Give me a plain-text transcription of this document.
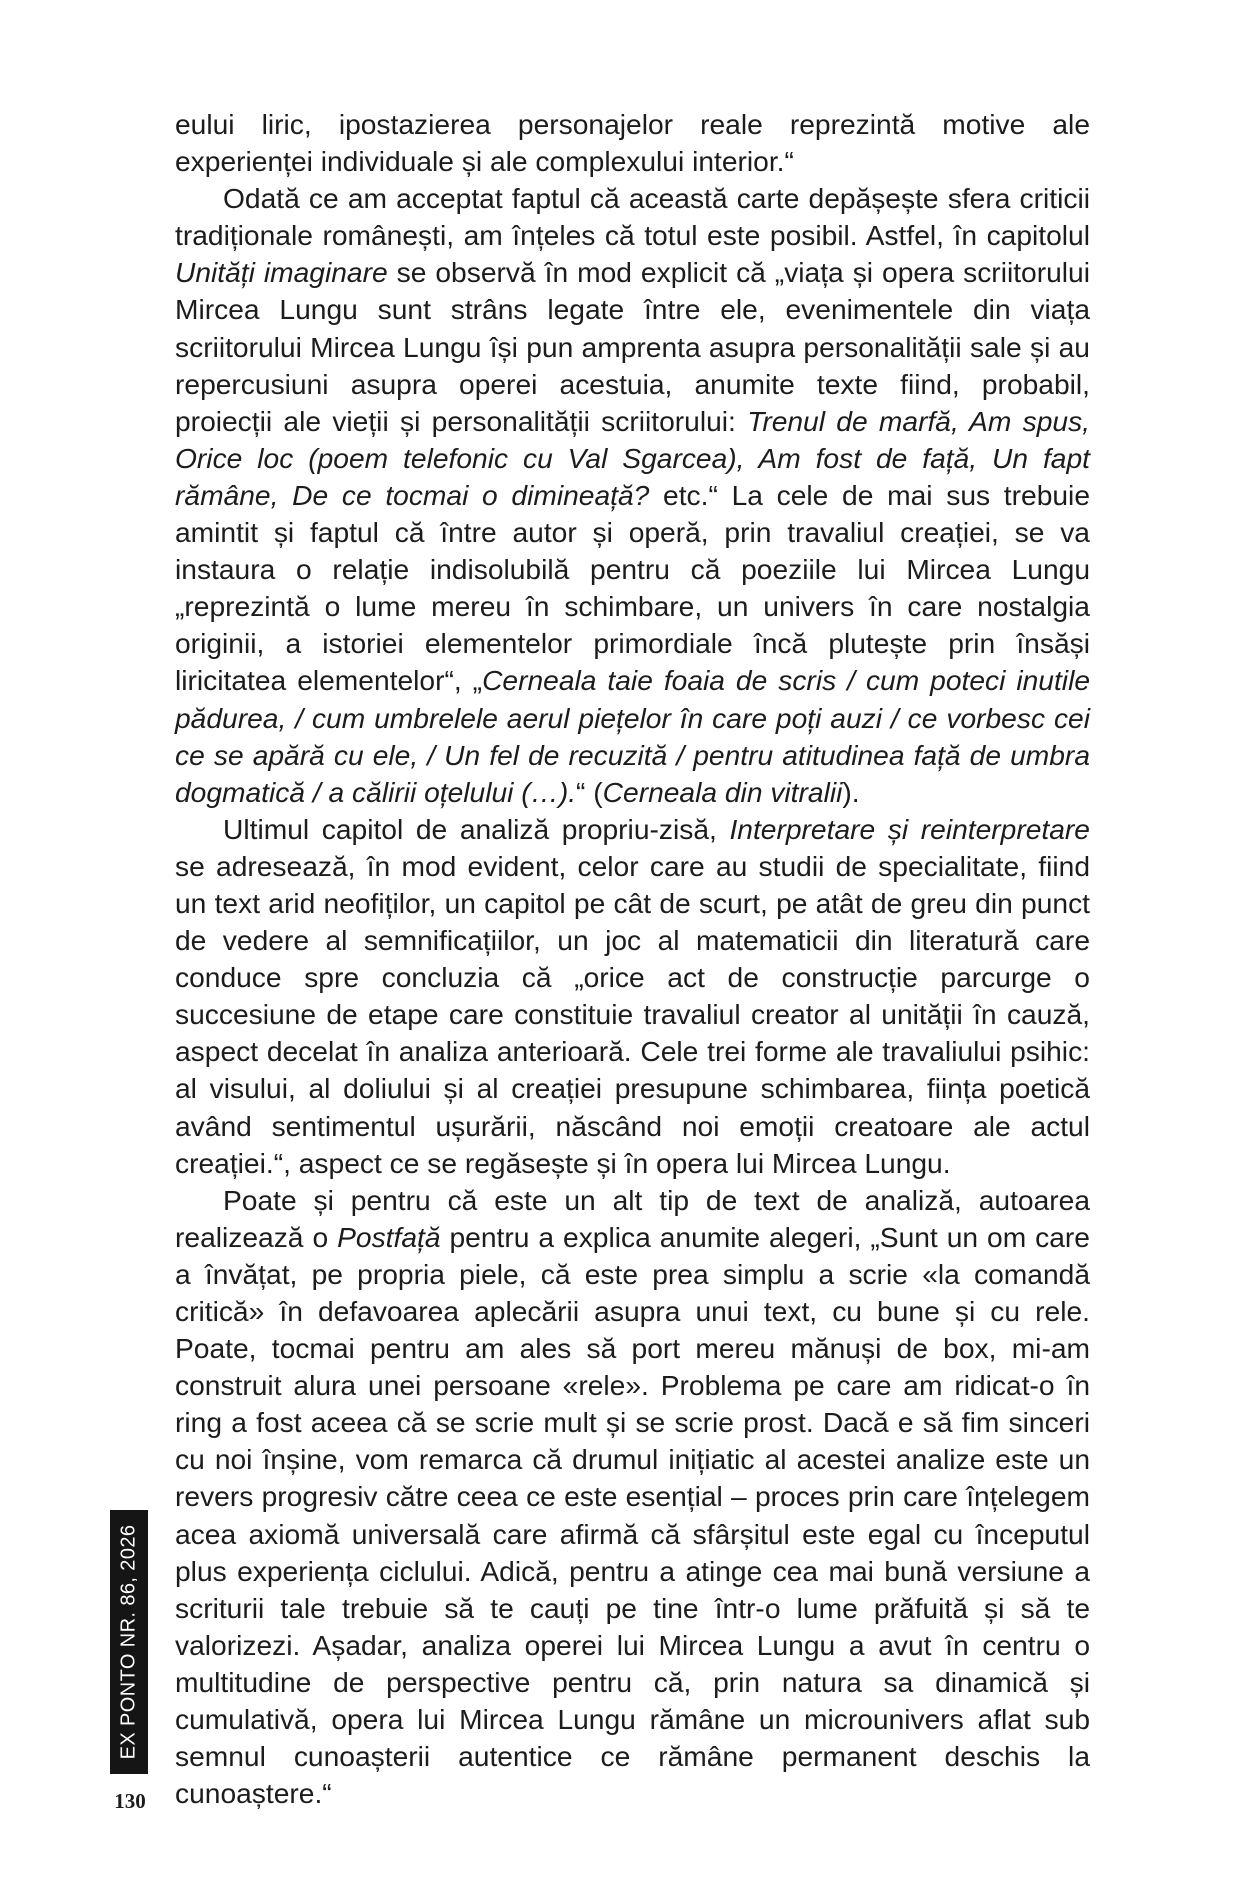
eului liric, ipostazierea personajelor reale reprezintă motive ale experienței individuale și ale complexului interior.“

Odată ce am acceptat faptul că această carte depășește sfera criticii tradiționale românești, am înțeles că totul este posibil. Astfel, în capitolul Unități imaginare se observă în mod explicit că „viața și opera scriitorului Mircea Lungu sunt strâns legate între ele, evenimentele din viața scriitorului Mircea Lungu își pun amprenta asupra personalității sale și au repercusiuni asupra operei acestuia, anumite texte fiind, probabil, proiecții ale vieții și personalității scriitorului: Trenul de marfă, Am spus, Orice loc (poem telefonic cu Val Sgarcea), Am fost de față, Un fapt rămâne, De ce tocmai o dimineață? etc.“ La cele de mai sus trebuie amintit și faptul că între autor și operă, prin travaliul creației, se va instaura o relație indisolubilă pentru că poeziile lui Mircea Lungu „reprezintă o lume mereu în schimbare, un univers în care nostalgia originii, a istoriei elementelor primordiale încă plutește prin însăși liricitatea elementelor“, „Cerneala taie foaia de scris / cum poteci inutile pădurea, / cum umbrelele aerul piețelor în care poți auzi / ce vorbesc cei ce se apără cu ele, / Un fel de recuzită / pentru atitudinea față de umbra dogmatică / a călirii oțelului (…).“ (Cerneala din vitralii).

Ultimul capitol de analiză propriu-zisă, Interpretare și reinterpretare se adresează, în mod evident, celor care au studii de specialitate, fiind un text arid neofiților, un capitol pe cât de scurt, pe atât de greu din punct de vedere al semnificațiilor, un joc al matematicii din literatură care conduce spre concluzia că „orice act de construcție parcurge o succesiune de etape care constituie travaliul creator al unității în cauză, aspect decelat în analiza anterioară. Cele trei forme ale travaliului psihic: al visului, al doliului și al creației presupune schimbarea, ființa poetică având sentimentul ușurării, născând noi emoții creatoare ale actul creației.“, aspect ce se regăsește și în opera lui Mircea Lungu.

Poate și pentru că este un alt tip de text de analiză, autoarea realizează o Postfață pentru a explica anumite alegeri, „Sunt un om care a învățat, pe propria piele, că este prea simplu a scrie «la comandă critică» în defavoarea aplecării asupra unui text, cu bune și cu rele. Poate, tocmai pentru am ales să port mereu mănuși de box, mi-am construit alura unei persoane «rele». Problema pe care am ridicat-o în ring a fost aceea că se scrie mult și se scrie prost. Dacă e să fim sinceri cu noi înșine, vom remarca că drumul inițiatic al acestei analize este un revers progresiv către ceea ce este esențial – proces prin care înțelegem acea axiomă universală care afirmă că sfârșitul este egal cu începutul plus experiența ciclului. Adică, pentru a atinge cea mai bună versiune a scriturii tale trebuie să te cauți pe tine într-o lume prăfuită și să te valorizezi. Așadar, analiza operei lui Mircea Lungu a avut în centru o multitudine de perspective pentru că, prin natura sa dinamică și cumulativă, opera lui Mircea Lungu rămâne un microunivers aflat sub semnul cunoașterii autentice ce rămâne permanent deschis la cunoaștere.“

EX PONTO NR. 86, 2026
130
